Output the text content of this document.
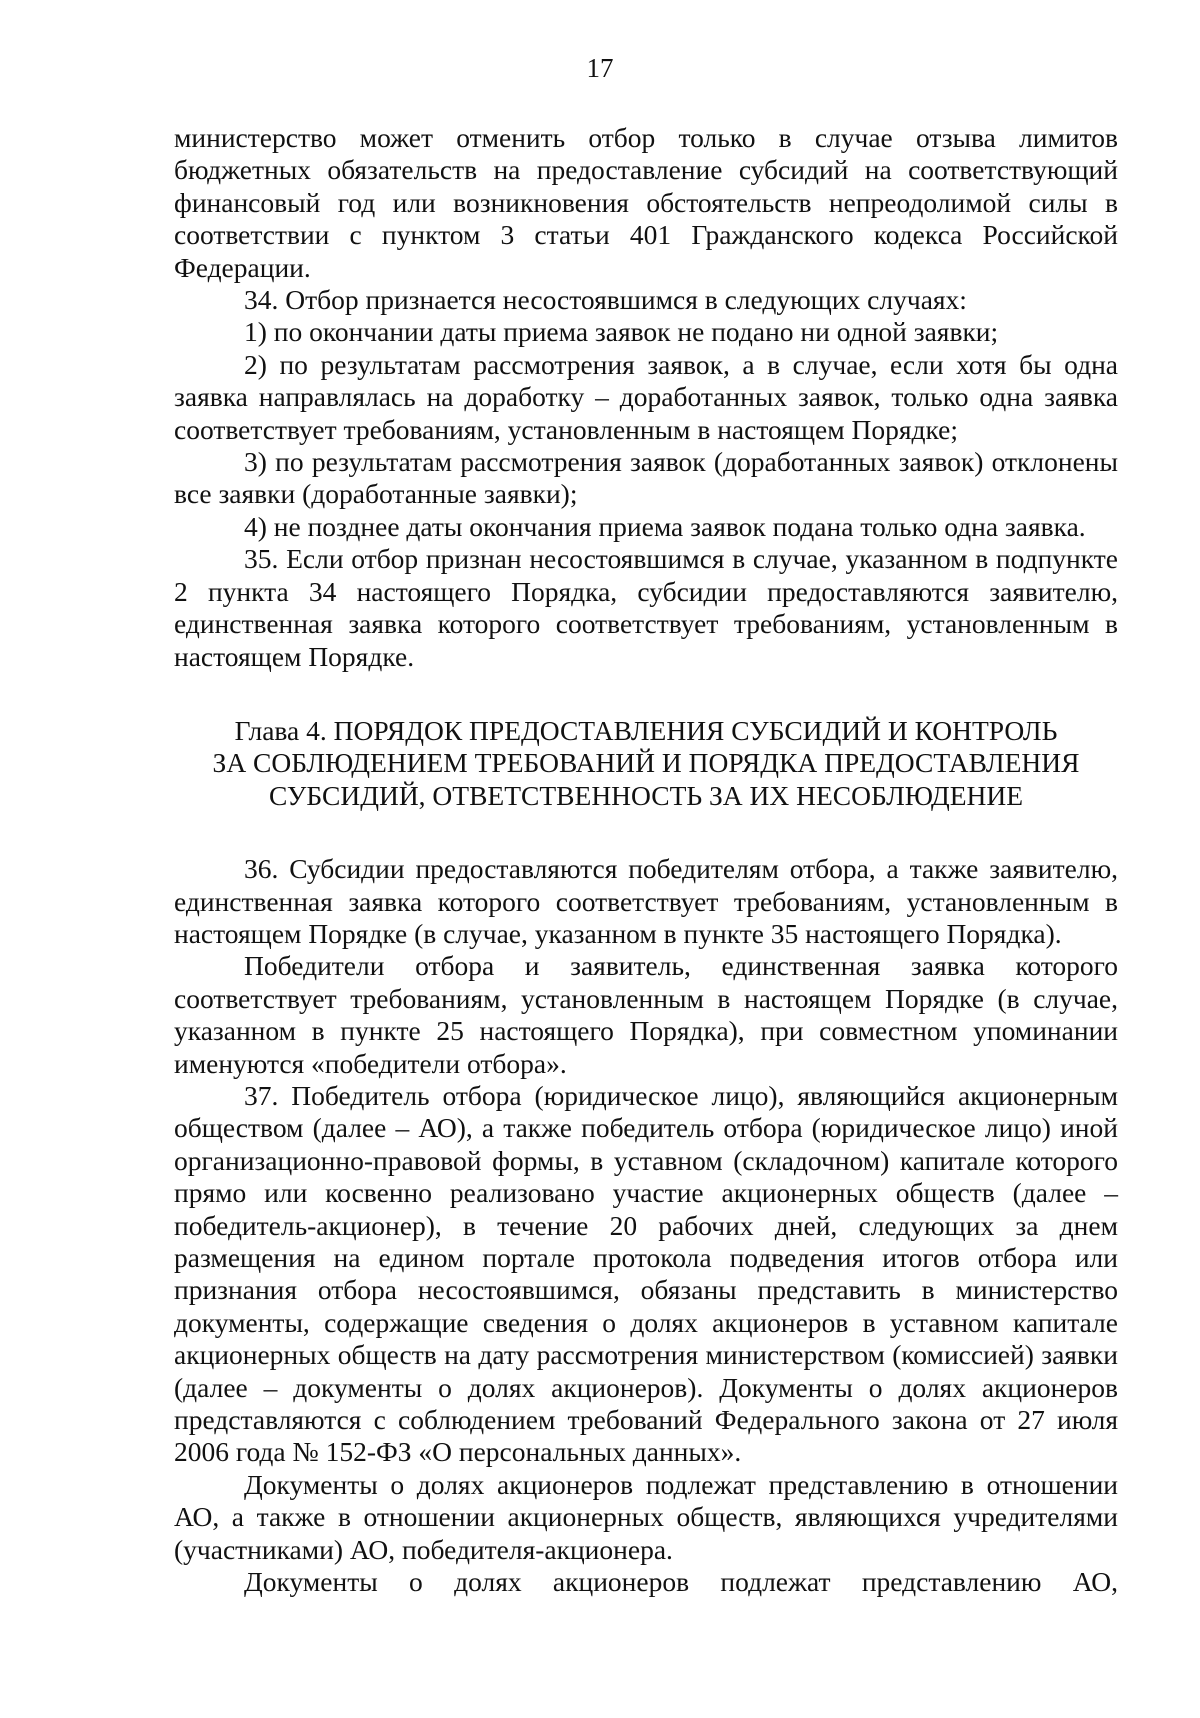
17

министерство может отменить отбор только в случае отзыва лимитов бюджетных обязательств на предоставление субсидий на соответствующий финансовый год или возникновения обстоятельств непреодолимой силы в соответствии с пунктом 3 статьи 401 Гражданского кодекса Российской Федерации.

34. Отбор признается несостоявшимся в следующих случаях:

1) по окончании даты приема заявок не подано ни одной заявки;

2) по результатам рассмотрения заявок, а в случае, если хотя бы одна заявка направлялась на доработку – доработанных заявок, только одна заявка соответствует требованиям, установленным в настоящем Порядке;

3) по результатам рассмотрения заявок (доработанных заявок) отклонены все заявки (доработанные заявки);

4) не позднее даты окончания приема заявок подана только одна заявка.

35. Если отбор признан несостоявшимся в случае, указанном в подпункте 2 пункта 34 настоящего Порядка, субсидии предоставляются заявителю, единственная заявка которого соответствует требованиям, установленным в настоящем Порядке.

Глава 4. ПОРЯДОК ПРЕДОСТАВЛЕНИЯ СУБСИДИЙ И КОНТРОЛЬ
ЗА СОБЛЮДЕНИЕМ ТРЕБОВАНИЙ И ПОРЯДКА ПРЕДОСТАВЛЕНИЯ
СУБСИДИЙ, ОТВЕТСТВЕННОСТЬ ЗА ИХ НЕСОБЛЮДЕНИЕ

36. Субсидии предоставляются победителям отбора, а также заявителю, единственная заявка которого соответствует требованиям, установленным в настоящем Порядке (в случае, указанном в пункте 35 настоящего Порядка).

Победители отбора и заявитель, единственная заявка которого соответствует требованиям, установленным в настоящем Порядке (в случае, указанном в пункте 25 настоящего Порядка), при совместном упоминании именуются «победители отбора».

37. Победитель отбора (юридическое лицо), являющийся акционерным обществом (далее – АО), а также победитель отбора (юридическое лицо) иной организационно-правовой формы, в уставном (складочном) капитале которого прямо или косвенно реализовано участие акционерных обществ (далее – победитель-акционер), в течение 20 рабочих дней, следующих за днем размещения на едином портале протокола подведения итогов отбора или признания отбора несостоявшимся, обязаны представить в министерство документы, содержащие сведения о долях акционеров в уставном капитале акционерных обществ на дату рассмотрения министерством (комиссией) заявки (далее – документы о долях акционеров). Документы о долях акционеров представляются с соблюдением требований Федерального закона от 27 июля 2006 года № 152-ФЗ «О персональных данных».

Документы о долях акционеров подлежат представлению в отношении АО, а также в отношении акционерных обществ, являющихся учредителями (участниками) АО, победителя-акционера.

Документы о долях акционеров подлежат представлению АО,
